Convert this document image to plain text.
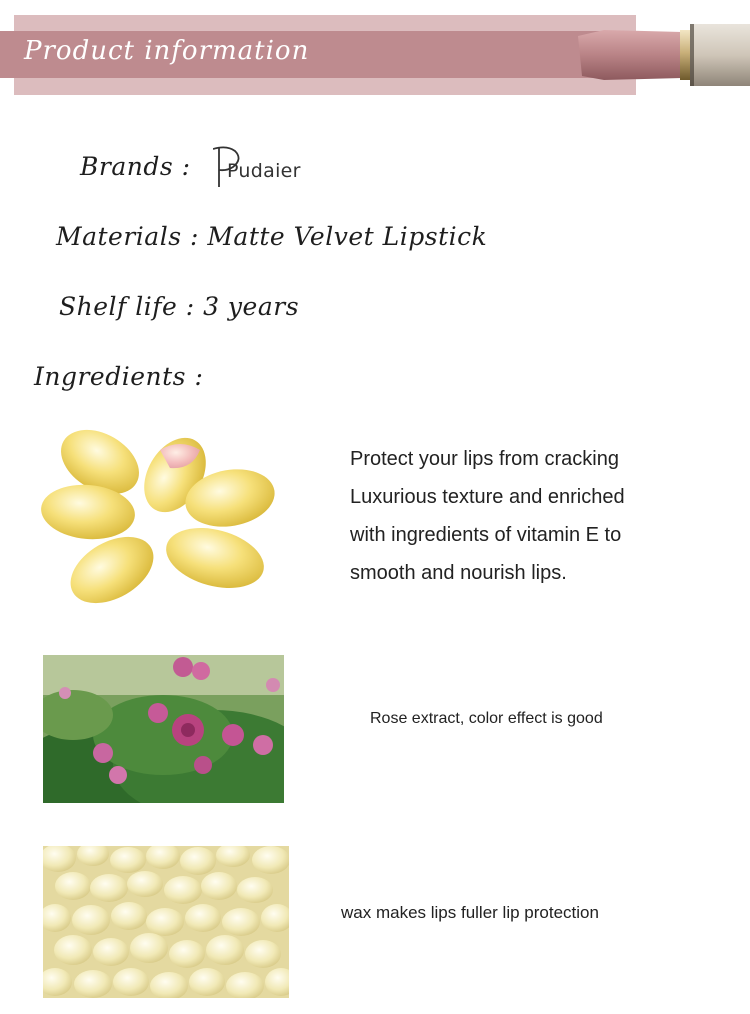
Product information
Brands : Pudaier
Materials : Matte Velvet Lipstick
Shelf life : 3 years
Ingredients :
Protect your lips from cracking
Luxurious texture and enriched
with ingredients of vitamin E to
smooth and nourish lips.
Rose extract, color effect is good
wax makes lips fuller lip protection
